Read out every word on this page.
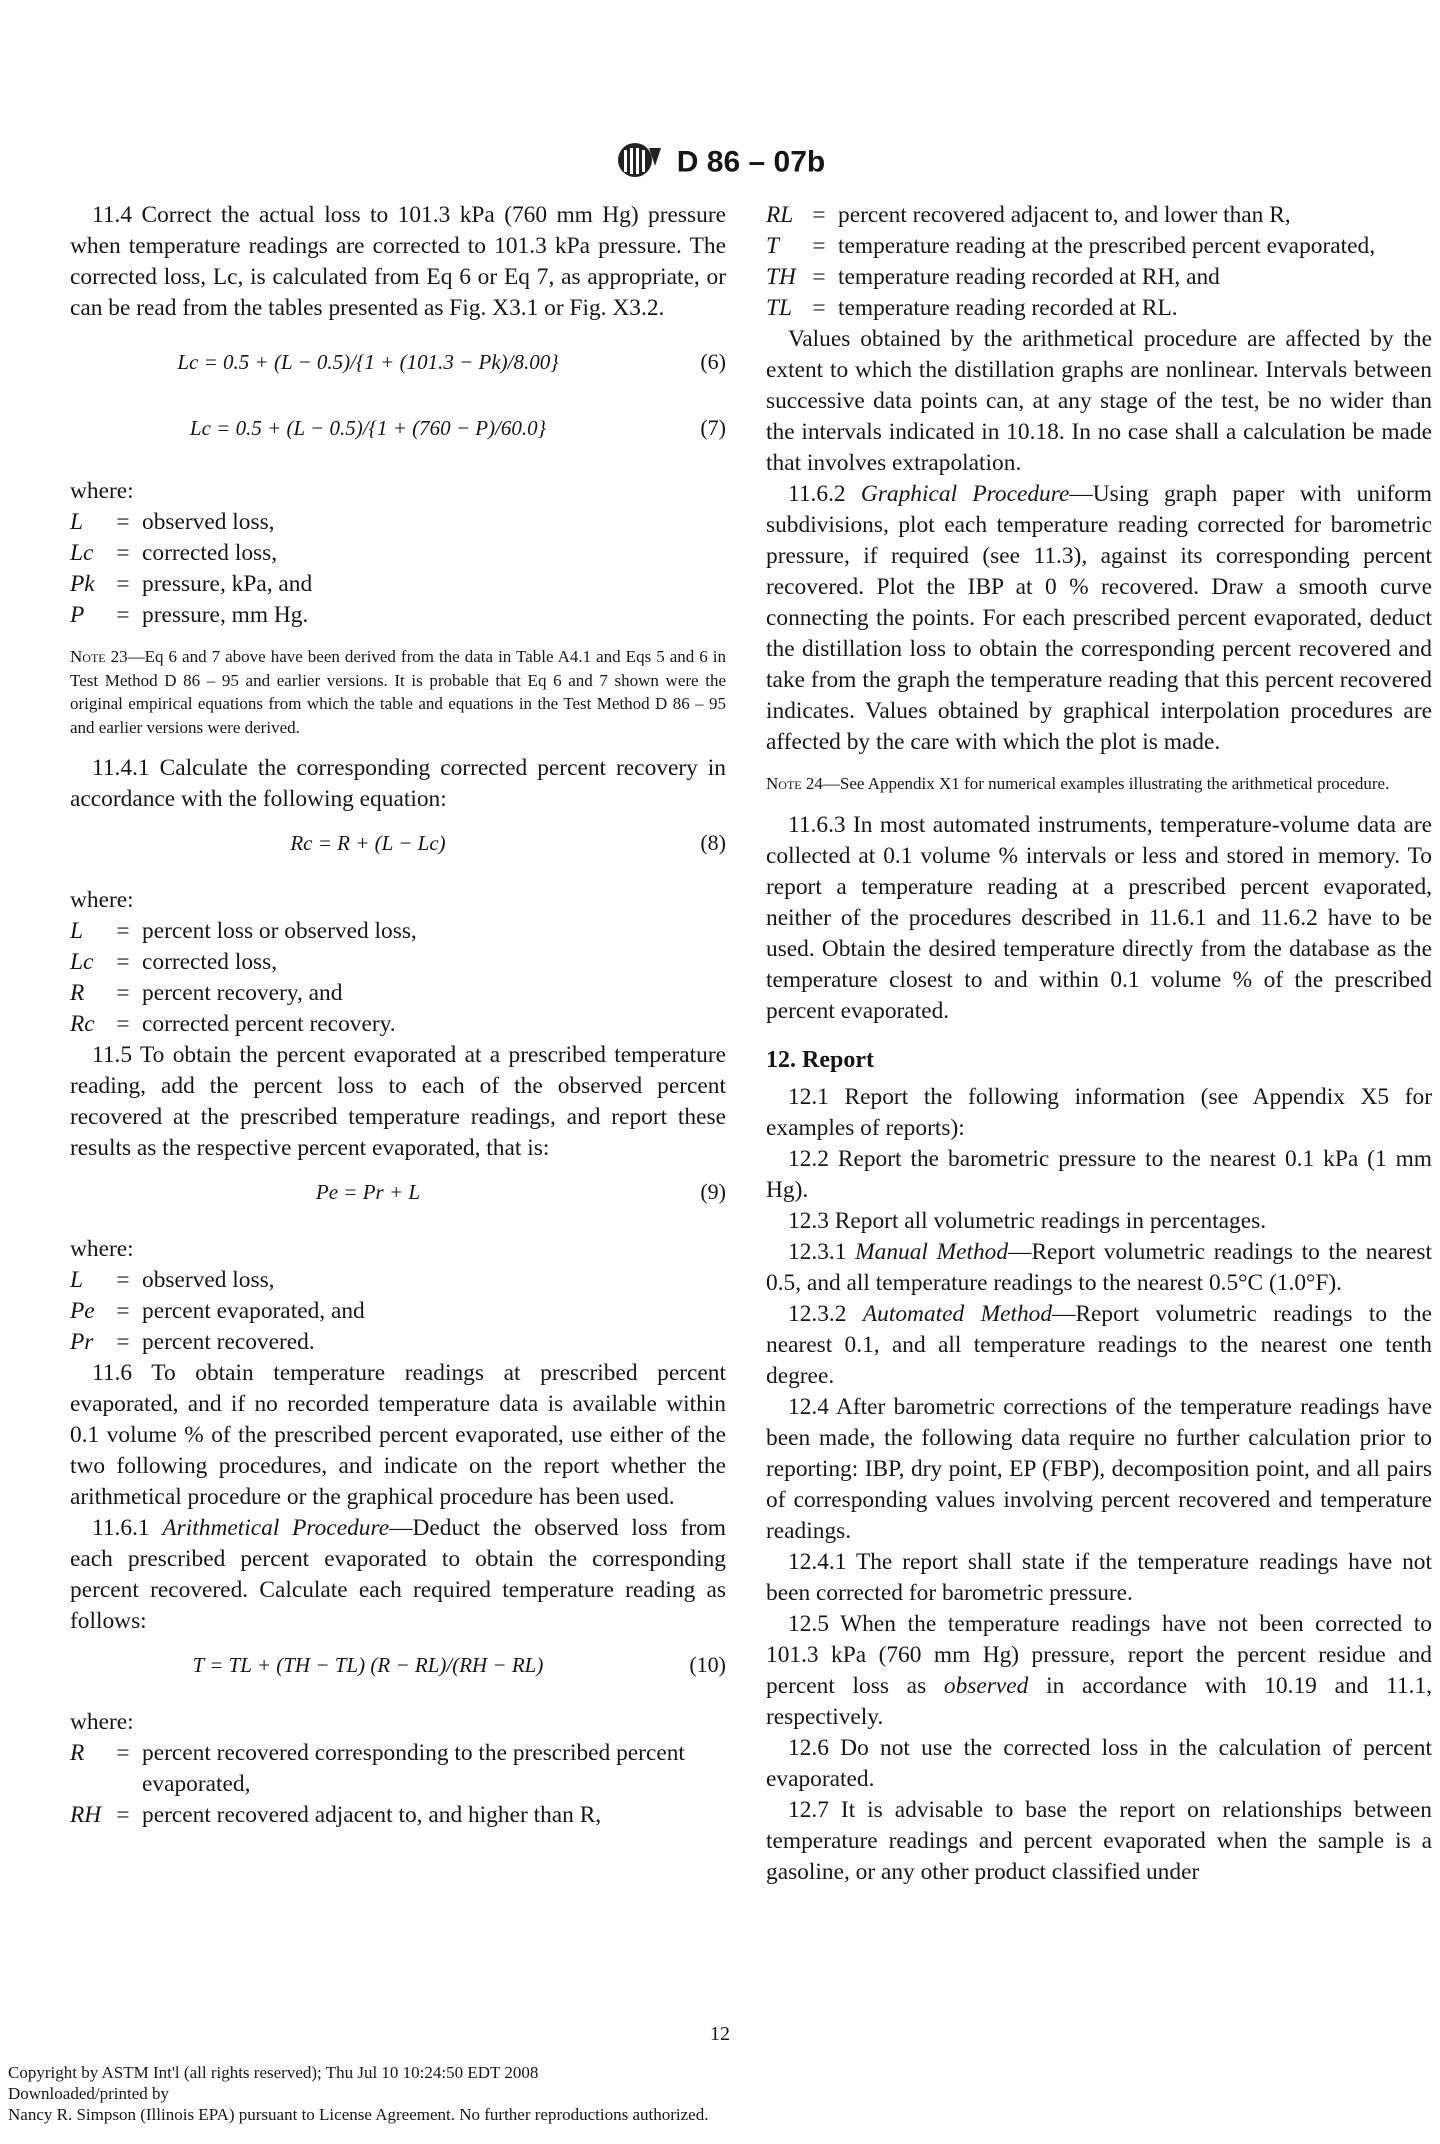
D 86 – 07b

11.4 Correct the actual loss to 101.3 kPa (760 mm Hg) pressure when temperature readings are corrected to 101.3 kPa pressure. The corrected loss, Lc, is calculated from Eq 6 or Eq 7, as appropriate, or can be read from the tables presented as Fig. X3.1 or Fig. X3.2.

Lc = 0.5 + (L − 0.5)/{1 + (101.3 − Pk)/8.00}	(6)
Lc = 0.5 + (L − 0.5)/{1 + (760 − P)/60.0}	(7)
where:
L	=	observed loss,
Lc	=	corrected loss,
Pk	=	pressure, kPa, and
P	=	pressure, mm Hg.
Note 23—Eq 6 and 7 above have been derived from the data in Table A4.1 and Eqs 5 and 6 in Test Method D 86 – 95 and earlier versions. It is probable that Eq 6 and 7 shown were the original empirical equations from which the table and equations in the Test Method D 86 – 95 and earlier versions were derived.

11.4.1 Calculate the corresponding corrected percent recovery in accordance with the following equation:

Rc = R + (L − Lc)	(8)
where:
L	=	percent loss or observed loss,
Lc	=	corrected loss,
R	=	percent recovery, and
Rc	=	corrected percent recovery.

11.5 To obtain the percent evaporated at a prescribed temperature reading, add the percent loss to each of the observed percent recovered at the prescribed temperature readings, and report these results as the respective percent evaporated, that is:

Pe = Pr + L	(9)
where:
L	=	observed loss,
Pe	=	percent evaporated, and
Pr	=	percent recovered.

11.6 To obtain temperature readings at prescribed percent evaporated, and if no recorded temperature data is available within 0.1 volume % of the prescribed percent evaporated, use either of the two following procedures, and indicate on the report whether the arithmetical procedure or the graphical procedure has been used.

11.6.1 Arithmetical Procedure—Deduct the observed loss from each prescribed percent evaporated to obtain the corresponding percent recovered. Calculate each required temperature reading as follows:

T = TL + (TH − TL) (R − RL)/(RH − RL)	(10)
where:
R	=	percent recovered corresponding to the prescribed percent evaporated,
RH	=	percent recovered adjacent to, and higher than R,
RL	=	percent recovered adjacent to, and lower than R,
T	=	temperature reading at the prescribed percent evaporated,
TH	=	temperature reading recorded at RH, and
TL	=	temperature reading recorded at RL.

Values obtained by the arithmetical procedure are affected by the extent to which the distillation graphs are nonlinear. Intervals between successive data points can, at any stage of the test, be no wider than the intervals indicated in 10.18. In no case shall a calculation be made that involves extrapolation.

11.6.2 Graphical Procedure—Using graph paper with uniform subdivisions, plot each temperature reading corrected for barometric pressure, if required (see 11.3), against its corresponding percent recovered. Plot the IBP at 0 % recovered. Draw a smooth curve connecting the points. For each prescribed percent evaporated, deduct the distillation loss to obtain the corresponding percent recovered and take from the graph the temperature reading that this percent recovered indicates. Values obtained by graphical interpolation procedures are affected by the care with which the plot is made.

Note 24—See Appendix X1 for numerical examples illustrating the arithmetical procedure.

11.6.3 In most automated instruments, temperature-volume data are collected at 0.1 volume % intervals or less and stored in memory. To report a temperature reading at a prescribed percent evaporated, neither of the procedures described in 11.6.1 and 11.6.2 have to be used. Obtain the desired temperature directly from the database as the temperature closest to and within 0.1 volume % of the prescribed percent evaporated.

12. Report

12.1 Report the following information (see Appendix X5 for examples of reports):

12.2 Report the barometric pressure to the nearest 0.1 kPa (1 mm Hg).

12.3 Report all volumetric readings in percentages.

12.3.1 Manual Method—Report volumetric readings to the nearest 0.5, and all temperature readings to the nearest 0.5°C (1.0°F).

12.3.2 Automated Method—Report volumetric readings to the nearest 0.1, and all temperature readings to the nearest one tenth degree.

12.4 After barometric corrections of the temperature readings have been made, the following data require no further calculation prior to reporting: IBP, dry point, EP (FBP), decomposition point, and all pairs of corresponding values involving percent recovered and temperature readings.

12.4.1 The report shall state if the temperature readings have not been corrected for barometric pressure.

12.5 When the temperature readings have not been corrected to 101.3 kPa (760 mm Hg) pressure, report the percent residue and percent loss as observed in accordance with 10.19 and 11.1, respectively.

12.6 Do not use the corrected loss in the calculation of percent evaporated.

12.7 It is advisable to base the report on relationships between temperature readings and percent evaporated when the sample is a gasoline, or any other product classified under

12
Copyright by ASTM Int'l (all rights reserved); Thu Jul 10 10:24:50 EDT 2008
Downloaded/printed by
Nancy R. Simpson (Illinois EPA) pursuant to License Agreement. No further reproductions authorized.
